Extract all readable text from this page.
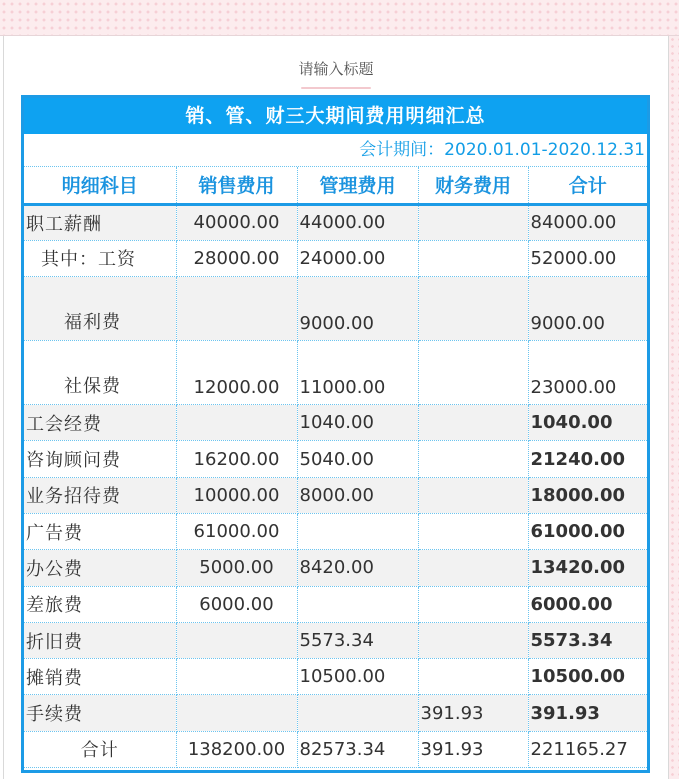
请输入标题
销、管、财三大期间费用明细汇总
会计期间：2020.01.01-2020.12.31
明细科目	销售费用	管理费用	财务费用	合计
职工薪酬	40000.00	44000.00		84000.00
其中：工资	28000.00	24000.00		52000.00
福利费		9000.00		9000.00
社保费	12000.00	11000.00		23000.00
工会经费		1040.00		1040.00
咨询顾问费	16200.00	5040.00		21240.00
业务招待费	10000.00	8000.00		18000.00
广告费	61000.00			61000.00
办公费	5000.00	8420.00		13420.00
差旅费	6000.00			6000.00
折旧费		5573.34		5573.34
摊销费		10500.00		10500.00
手续费			391.93	391.93
合计	138200.00	82573.34	391.93	221165.27
